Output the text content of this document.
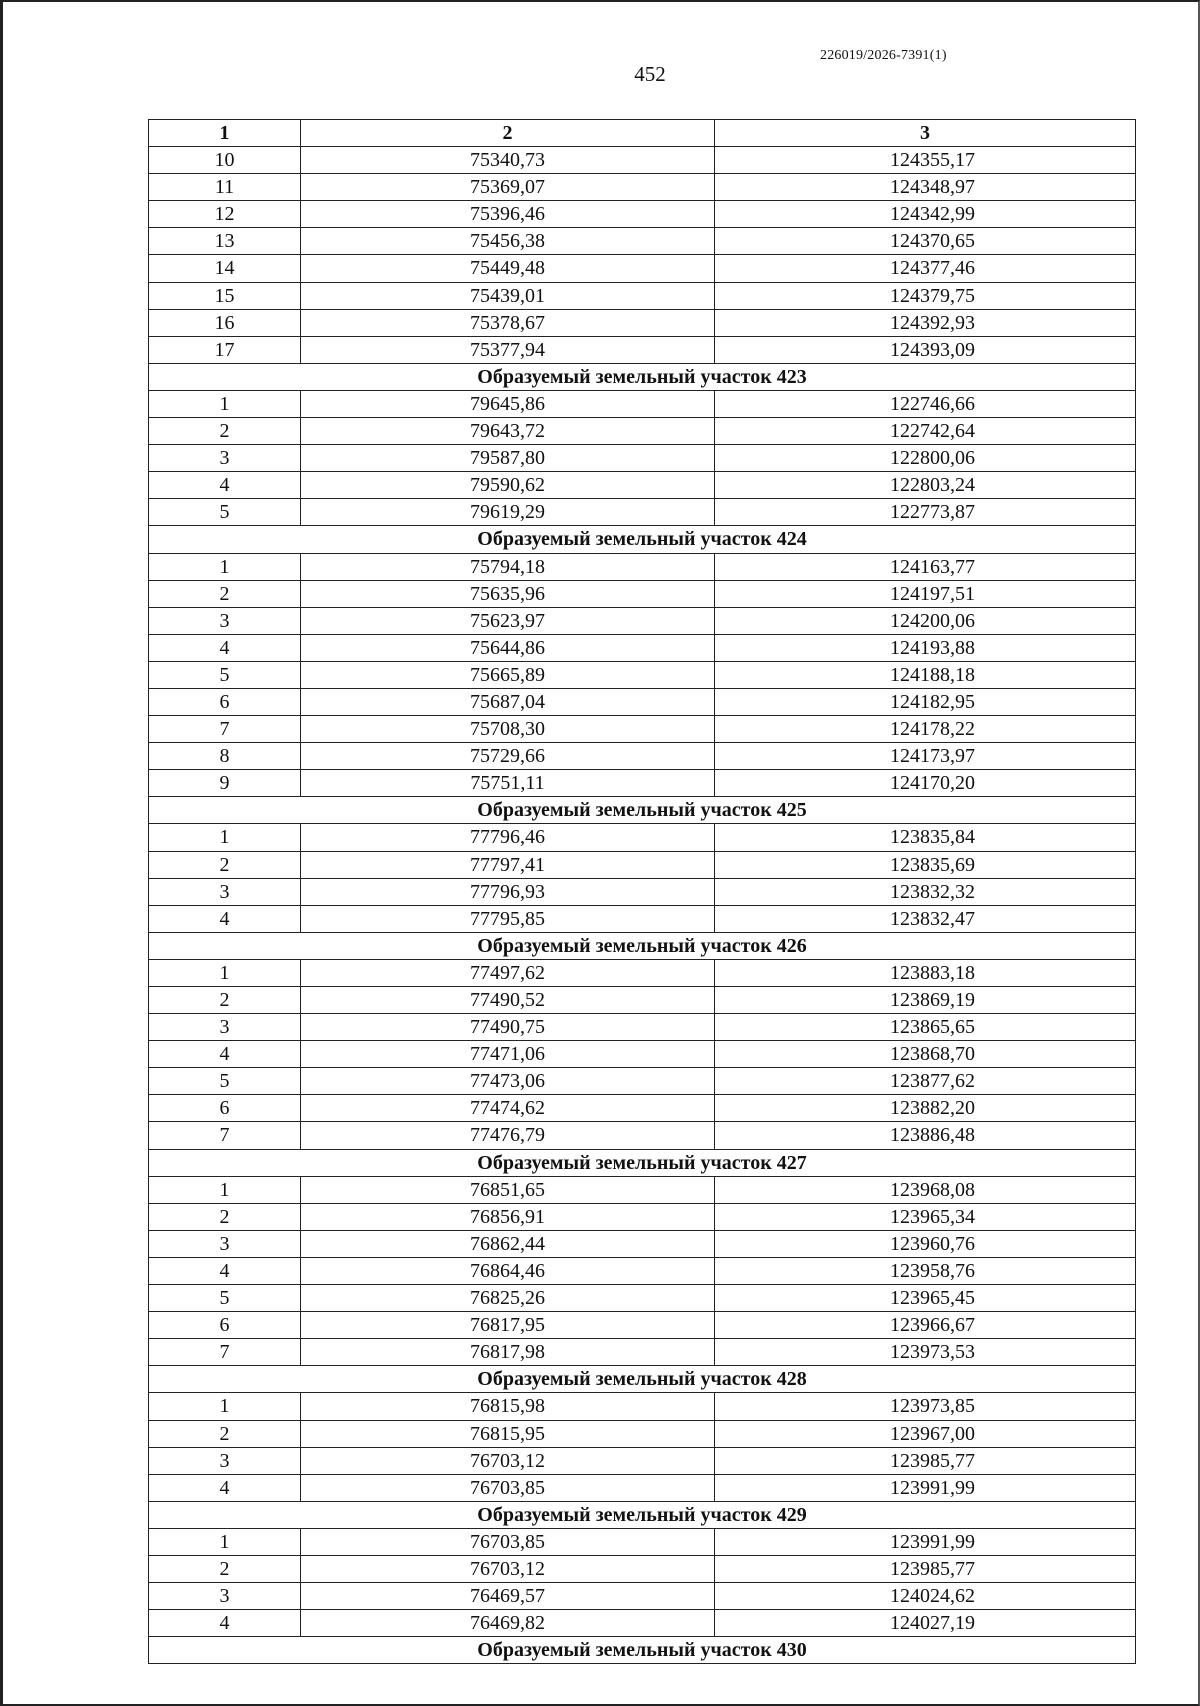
226019/2026-7391(1)
452
1	2	3
10	75340,73	124355,17
11	75369,07	124348,97
12	75396,46	124342,99
13	75456,38	124370,65
14	75449,48	124377,46
15	75439,01	124379,75
16	75378,67	124392,93
17	75377,94	124393,09
Образуемый земельный участок 423		
1	79645,86	122746,66
2	79643,72	122742,64
3	79587,80	122800,06
4	79590,62	122803,24
5	79619,29	122773,87
Образуемый земельный участок 424		
1	75794,18	124163,77
2	75635,96	124197,51
3	75623,97	124200,06
4	75644,86	124193,88
5	75665,89	124188,18
6	75687,04	124182,95
7	75708,30	124178,22
8	75729,66	124173,97
9	75751,11	124170,20
Образуемый земельный участок 425		
1	77796,46	123835,84
2	77797,41	123835,69
3	77796,93	123832,32
4	77795,85	123832,47
Образуемый земельный участок 426		
1	77497,62	123883,18
2	77490,52	123869,19
3	77490,75	123865,65
4	77471,06	123868,70
5	77473,06	123877,62
6	77474,62	123882,20
7	77476,79	123886,48
Образуемый земельный участок 427		
1	76851,65	123968,08
2	76856,91	123965,34
3	76862,44	123960,76
4	76864,46	123958,76
5	76825,26	123965,45
6	76817,95	123966,67
7	76817,98	123973,53
Образуемый земельный участок 428		
1	76815,98	123973,85
2	76815,95	123967,00
3	76703,12	123985,77
4	76703,85	123991,99
Образуемый земельный участок 429		
1	76703,85	123991,99
2	76703,12	123985,77
3	76469,57	124024,62
4	76469,82	124027,19
Образуемый земельный участок 430		
